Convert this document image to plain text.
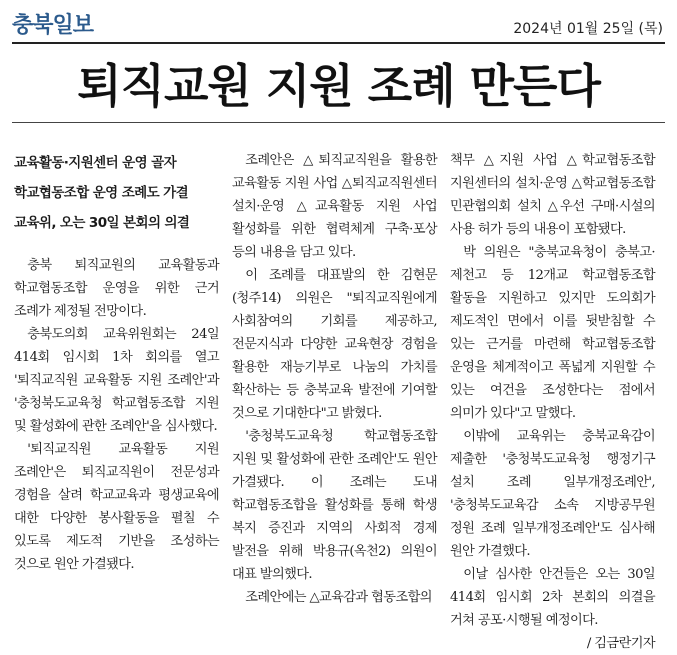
충북일보	2024년 01월 25일 (목)
퇴직교원 지원 조례 만든다
교육활동·지원센터 운영 골자
학교협동조합 운영 조례도 가결
교육위, 오는 30일 본회의 의결

충북 퇴직교원의 교육활동과 학교협동조합 운영을 위한 근거 조례가 제정될 전망이다.

충북도의회 교육위원회는 24일 414회 임시회 1차 회의를 열고 '퇴직교직원 교육활동 지원 조례안'과 '충청북도교육청 학교협동조합 지원 및 활성화에 관한 조례안'을 심사했다.

'퇴직교직원 교육활동 지원 조례안'은 퇴직교직원이 전문성과 경험을 살려 학교교육과 평생교육에 대한 다양한 봉사활동을 펼칠 수 있도록 제도적 기반을 조성하는 것으로 원안 가결됐다.

조례안은 △퇴직교직원을 활용한 교육활동 지원 사업 △퇴직교직원센터 설치·운영 △교육활동 지원 사업 활성화를 위한 협력체계 구축·포상 등의 내용을 담고 있다.

이 조례를 대표발의 한 김현문(청주14) 의원은 "퇴직교직원에게 사회참여의 기회를 제공하고, 전문지식과 다양한 교육현장 경험을 활용한 재능기부로 나눔의 가치를 확산하는 등 충북교육 발전에 기여할 것으로 기대한다"고 밝혔다.

'충청북도교육청 학교협동조합 지원 및 활성화에 관한 조례안'도 원안 가결됐다. 이 조례는 도내 학교협동조합을 활성화를 통해 학생 복지 증진과 지역의 사회적 경제 발전을 위해 박용규(옥천2) 의원이 대표 발의했다.

조례안에는 △교육감과 협동조합의

책무 △지원 사업 △학교협동조합 지원센터의 설치·운영 △학교협동조합 민관협의회 설치 △우선 구매·시설의 사용 허가 등의 내용이 포함됐다.

박 의원은 "충북교육청이 충북고·제천고 등 12개교 학교협동조합 활동을 지원하고 있지만 도의회가 제도적인 면에서 이를 뒷받침할 수 있는 근거를 마련해 학교협동조합 운영을 체계적이고 폭넓게 지원할 수 있는 여건을 조성한다는 점에서 의미가 있다"고 말했다.

이밖에 교육위는 충북교육감이 제출한 '충청북도교육청 행정기구 설치 조례 일부개정조례안', '충청북도교육감 소속 지방공무원 정원 조례 일부개정조례안'도 심사해 원안 가결했다.

이날 심사한 안건들은 오는 30일 414회 임시회 2차 본회의 의결을 거쳐 공포·시행될 예정이다.

/ 김금란기자
